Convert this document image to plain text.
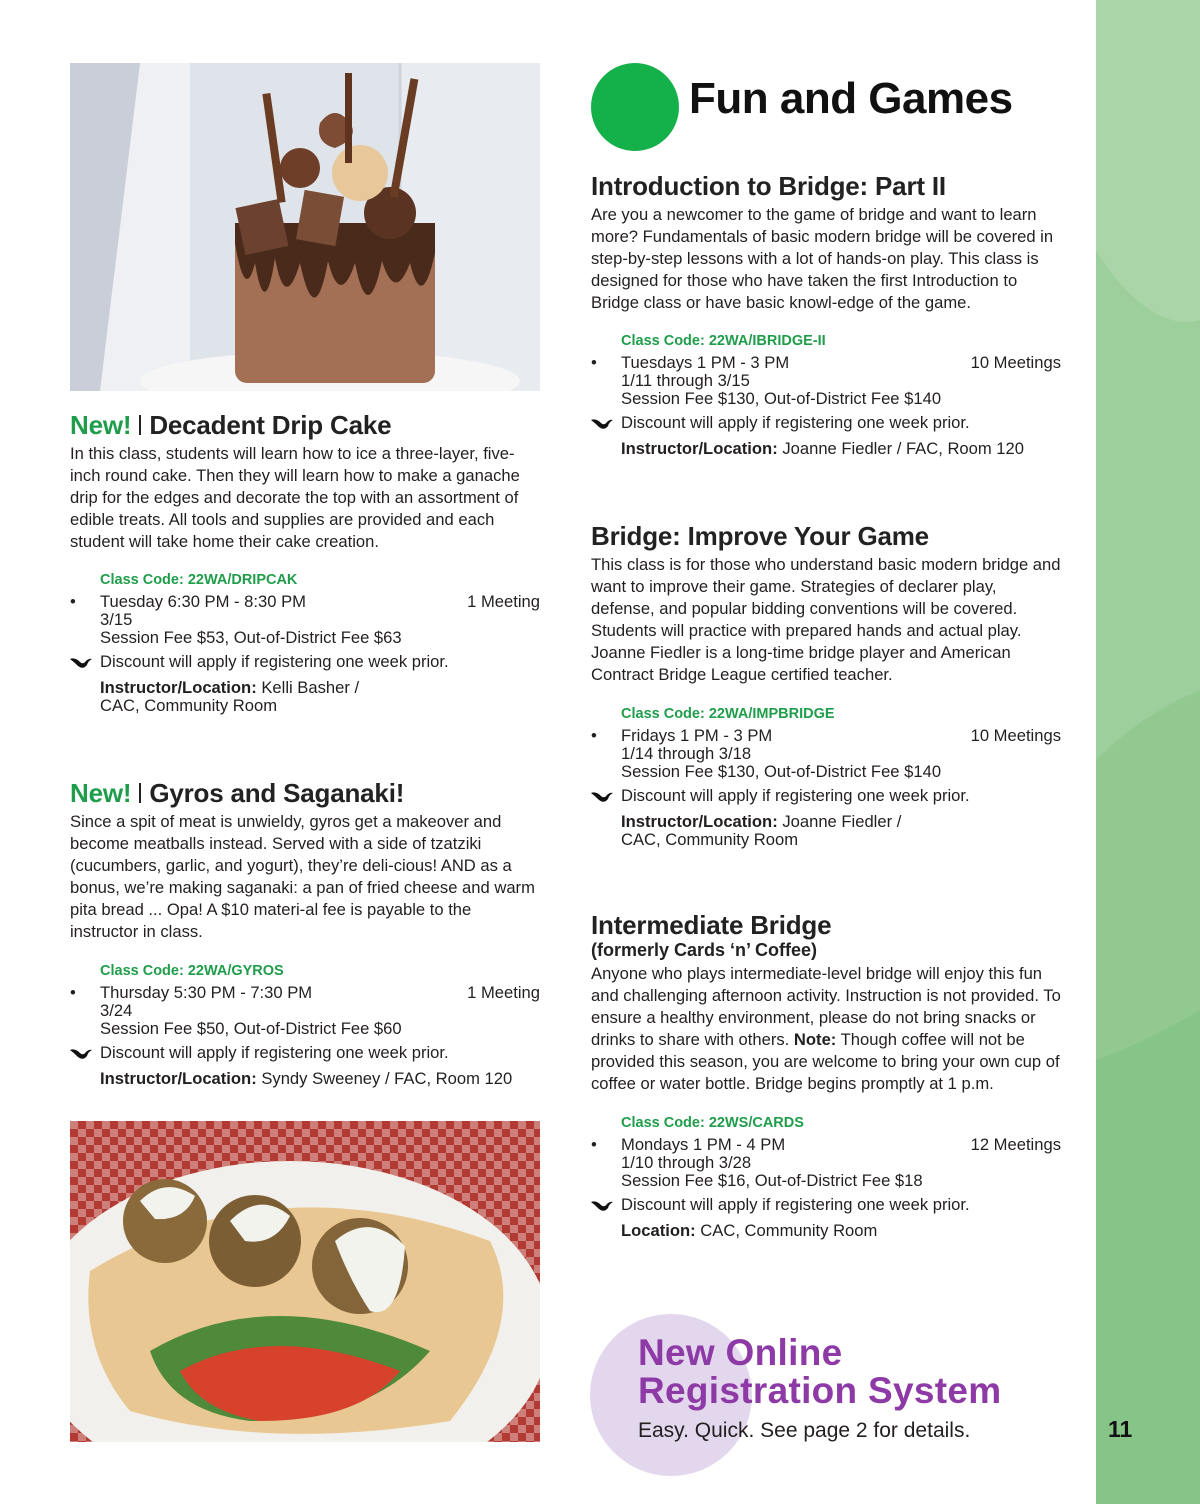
11
Fun and Games
New! Decadent Drip Cake

In this class, students will learn how to ice a three-layer, five-inch round cake. Then they will learn how to make a ganache drip for the edges and decorate the top with an assortment of edible treats. All tools and supplies are provided and each student will take home their cake creation.

Class Code: 22WA/DRIPCAK
• Tuesday 6:30 PM - 8:30 PM	1 Meeting
3/15
Session Fee $53, Out-of-District Fee $63
Discount will apply if registering one week prior.
Instructor/Location: Kelli Basher /
CAC, Community Room
New! Gyros and Saganaki!

Since a spit of meat is unwieldy, gyros get a makeover and become meatballs instead. Served with a side of tzatziki (cucumbers, garlic, and yogurt), they’re deli-cious! AND as a bonus, we’re making saganaki: a pan of fried cheese and warm pita bread ... Opa! A $10 materi-al fee is payable to the instructor in class.

Class Code: 22WA/GYROS
• Thursday 5:30 PM - 7:30 PM	1 Meeting
3/24
Session Fee $50, Out-of-District Fee $60
Discount will apply if registering one week prior.
Instructor/Location: Syndy Sweeney / FAC, Room 120
Introduction to Bridge: Part II

Are you a newcomer to the game of bridge and want to learn more? Fundamentals of basic modern bridge will be covered in step-by-step lessons with a lot of hands-on play. This class is designed for those who have taken the first Introduction to Bridge class or have basic knowl-edge of the game.

Class Code: 22WA/IBRIDGE-II
• Tuesdays 1 PM - 3 PM	10 Meetings
1/11 through 3/15
Session Fee $130, Out-of-District Fee $140
Discount will apply if registering one week prior.
Instructor/Location: Joanne Fiedler / FAC, Room 120
Bridge: Improve Your Game

This class is for those who understand basic modern bridge and want to improve their game. Strategies of declarer play, defense, and popular bidding conventions will be covered. Students will practice with prepared hands and actual play. Joanne Fiedler is a long-time bridge player and American Contract Bridge League certified teacher.

Class Code: 22WA/IMPBRIDGE
• Fridays 1 PM - 3 PM	10 Meetings
1/14 through 3/18
Session Fee $130, Out-of-District Fee $140
Discount will apply if registering one week prior.
Instructor/Location: Joanne Fiedler /
CAC, Community Room
Intermediate Bridge
(formerly Cards ‘n’ Coffee)

Anyone who plays intermediate-level bridge will enjoy this fun and challenging afternoon activity. Instruction is not provided. To ensure a healthy environment, please do not bring snacks or drinks to share with others. Note: Though coffee will not be provided this season, you are welcome to bring your own cup of coffee or water bottle. Bridge begins promptly at 1 p.m.

Class Code: 22WS/CARDS
• Mondays 1 PM - 4 PM	12 Meetings
1/10 through 3/28
Session Fee $16, Out-of-District Fee $18
Discount will apply if registering one week prior.
Location: CAC, Community Room
New Online
Registration System
Easy. Quick. See page 2 for details.
